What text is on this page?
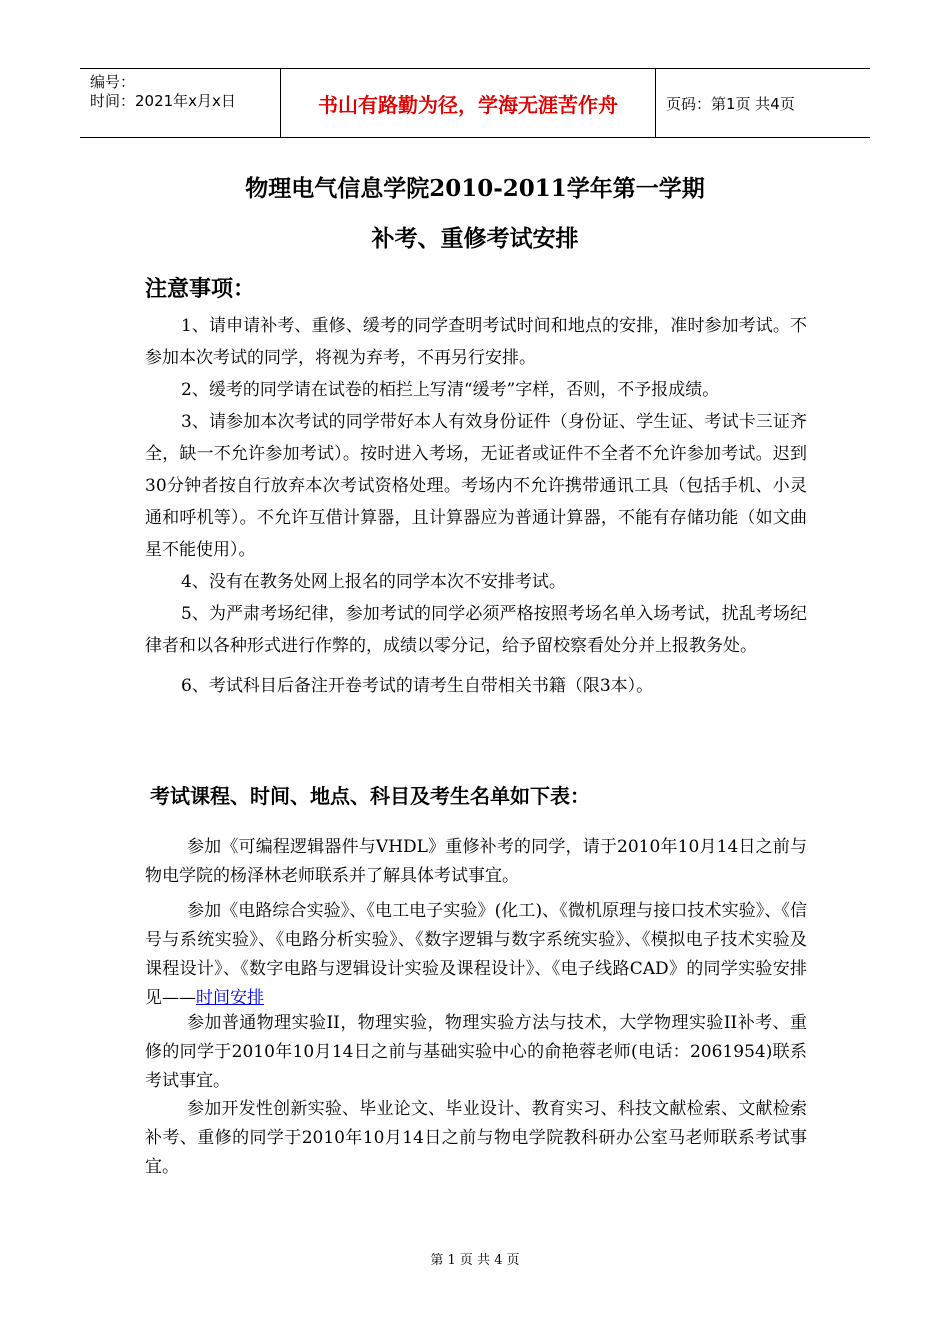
编号：
时间：2021年x月x日	书山有路勤为径，学海无涯苦作舟	页码：第1页 共4页
物理电气信息学院2010-2011学年第一学期
补考、重修考试安排
注意事项：
1、请申请补考、重修、缓考的同学查明考试时间和地点的安排，准时参加考试。不参加本次考试的同学，将视为弃考，不再另行安排。
2、缓考的同学请在试卷的栢拦上写清“缓考”字样，否则，不予报成绩。
3、请参加本次考试的同学带好本人有效身份证件（身份证、学生证、考试卡三证齐全，缺一不允许参加考试）。按时进入考场，无证者或证件不全者不允许参加考试。迟到30分钟者按自行放弃本次考试资格处理。考场内不允许携带通讯工具（包括手机、小灵通和呼机等）。不允许互借计算器，且计算器应为普通计算器，不能有存储功能（如文曲星不能使用）。
4、没有在教务处网上报名的同学本次不安排考试。
5、为严肃考场纪律，参加考试的同学必须严格按照考场名单入场考试，扰乱考场纪律者和以各种形式进行作弊的，成绩以零分记，给予留校察看处分并上报教务处。
6、考试科目后备注开卷考试的请考生自带相关书籍（限3本）。
考试课程、时间、地点、科目及考生名单如下表：
参加《可编程逻辑器件与VHDL》重修补考的同学，请于2010年10月14日之前与物电学院的杨泽林老师联系并了解具体考试事宜。
参加《电路综合实验》、《电工电子实验》(化工)、《微机原理与接口技术实验》、《信号与系统实验》、《电路分析实验》、《数字逻辑与数字系统实验》、《模拟电子技术实验及课程设计》、《数字电路与逻辑设计实验及课程设计》、《电子线路CAD》的同学实验安排见——时间安排
参加普通物理实验II，物理实验，物理实验方法与技术，大学物理实验II补考、重修的同学于2010年10月14日之前与基础实验中心的俞艳蓉老师(电话：2061954)联系考试事宜。
参加开发性创新实验、毕业论文、毕业设计、教育实习、科技文献检索、文献检索补考、重修的同学于2010年10月14日之前与物电学院教科研办公室马老师联系考试事宜。
第 1 页 共 4 页
